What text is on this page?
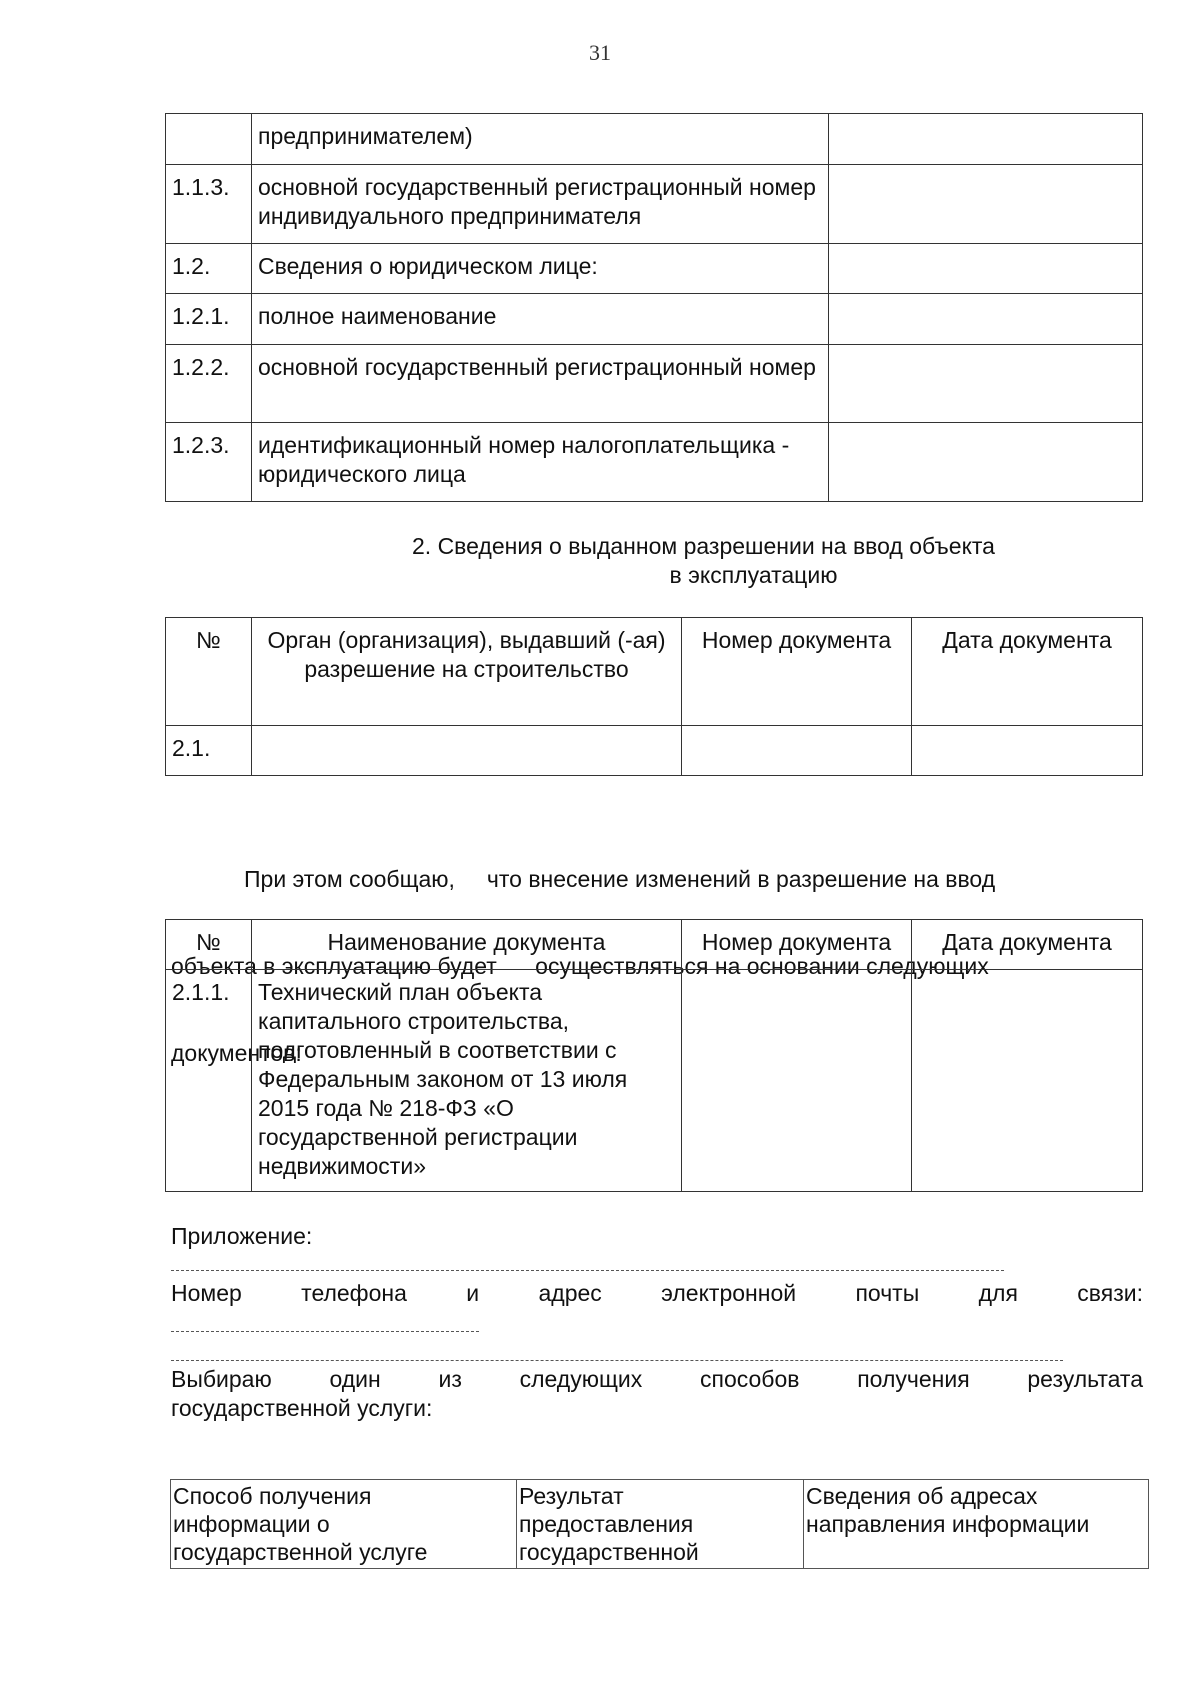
31
	предпринимателем)	
1.1.3.	основной государственный регистрационный номер индивидуального предпринимателя	
1.2.	Сведения о юридическом лице:	
1.2.1.	полное наименование	
1.2.2.	основной государственный регистрационный номер	
1.2.3.	идентификационный номер налогоплательщика - юридического лица	
2. Сведения о выданном разрешении на ввод объекта
в эксплуатацию
№	Орган (организация), выдавший (-ая) разрешение на строительство	Номер документа	Дата документа
2.1.			

При этом сообщаю,     что внесение изменений в разрешение на ввод

объекта в эксплуатацию будет      осуществляться на основании следующих

документов:

№	Наименование документа	Номер документа	Дата документа
2.1.1.	Технический план объекта капитального строительства, подготовленный в соответствии с Федеральным законом от 13 июля 2015 года № 218-ФЗ «О государственной регистрации недвижимости»		
Приложение:
Номер телефона и адрес электронной почты для связи:
Выбираю один из следующих способов получения результата
государственной услуги:
Способ получения информации о государственной услуге	Результат предоставления государственной	Сведения об адресах направления информации
